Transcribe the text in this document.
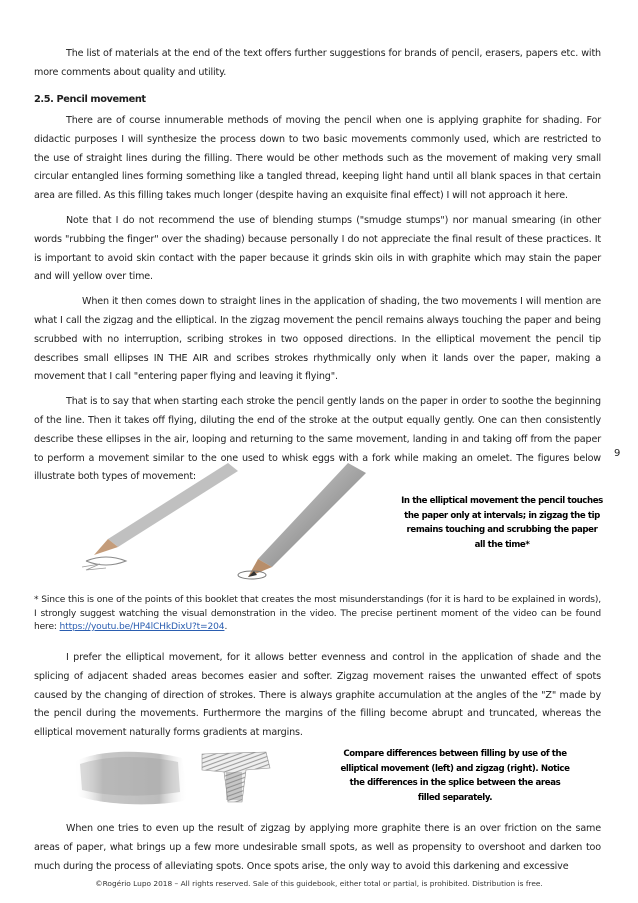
The list of materials at the end of the text offers further suggestions for brands of pencil, erasers, papers etc. with more comments about quality and utility.

2.5. Pencil movement

There are of course innumerable methods of moving the pencil when one is applying graphite for shading. For didactic purposes I will synthesize the process down to two basic movements commonly used, which are restricted to the use of straight lines during the filling. There would be other methods such as the movement of making very small circular entangled lines forming something like a tangled thread, keeping light hand until all blank spaces in that certain area are filled. As this filling takes much longer (despite having an exquisite final effect) I will not approach it here.

Note that I do not recommend the use of blending stumps ("smudge stumps") nor manual smearing (in other words "rubbing the finger" over the shading) because personally I do not appreciate the final result of these practices. It is important to avoid skin contact with the paper because it grinds skin oils in with graphite which may stain the paper and will yellow over time.

When it then comes down to straight lines in the application of shading, the two movements I will mention are what I call the zigzag and the elliptical. In the zigzag movement the pencil remains always touching the paper and being scrubbed with no interruption, scribing strokes in two opposed directions. In the elliptical movement the pencil tip describes small ellipses IN THE AIR and scribes strokes rhythmically only when it lands over the paper, making a movement that I call "entering paper flying and leaving it flying".

That is to say that when starting each stroke the pencil gently lands on the paper in order to soothe the beginning of the line. Then it takes off flying, diluting the end of the stroke at the output equally gently. One can then consistently describe these ellipses in the air, looping and returning to the same movement, landing in and taking off from the paper to perform a movement similar to the one used to whisk eggs with a fork while making an omelet. The figures below illustrate both types of movement:

9
In the elliptical movement the pencil touches the paper only at intervals; in zigzag the tip remains touching and scrubbing the paper all the time*

* Since this is one of the points of this booklet that creates the most misunderstandings (for it is hard to be explained in words), I strongly suggest watching the visual demonstration in the video. The precise pertinent moment of the video can be found here: https://youtu.be/HP4lCHkDixU?t=204.

I prefer the elliptical movement, for it allows better evenness and control in the application of shade and the splicing of adjacent shaded areas becomes easier and softer. Zigzag movement raises the unwanted effect of spots caused by the changing of direction of strokes. There is always graphite accumulation at the angles of the "Z" made by the pencil during the movements. Furthermore the margins of the filling become abrupt and truncated, whereas the elliptical movement naturally forms gradients at margins.

Compare differences between filling by use of the elliptical movement (left) and zigzag (right). Notice the differences in the splice between the areas filled separately.

When one tries to even up the result of zigzag by applying more graphite there is an over friction on the same areas of paper, what brings up a few more undesirable small spots, as well as propensity to overshoot and darken too much during the process of alleviating spots. Once spots arise, the only way to avoid this darkening and excessive

©Rogério Lupo 2018 – All rights reserved. Sale of this guidebook, either total or partial, is prohibited. Distribution is free.
